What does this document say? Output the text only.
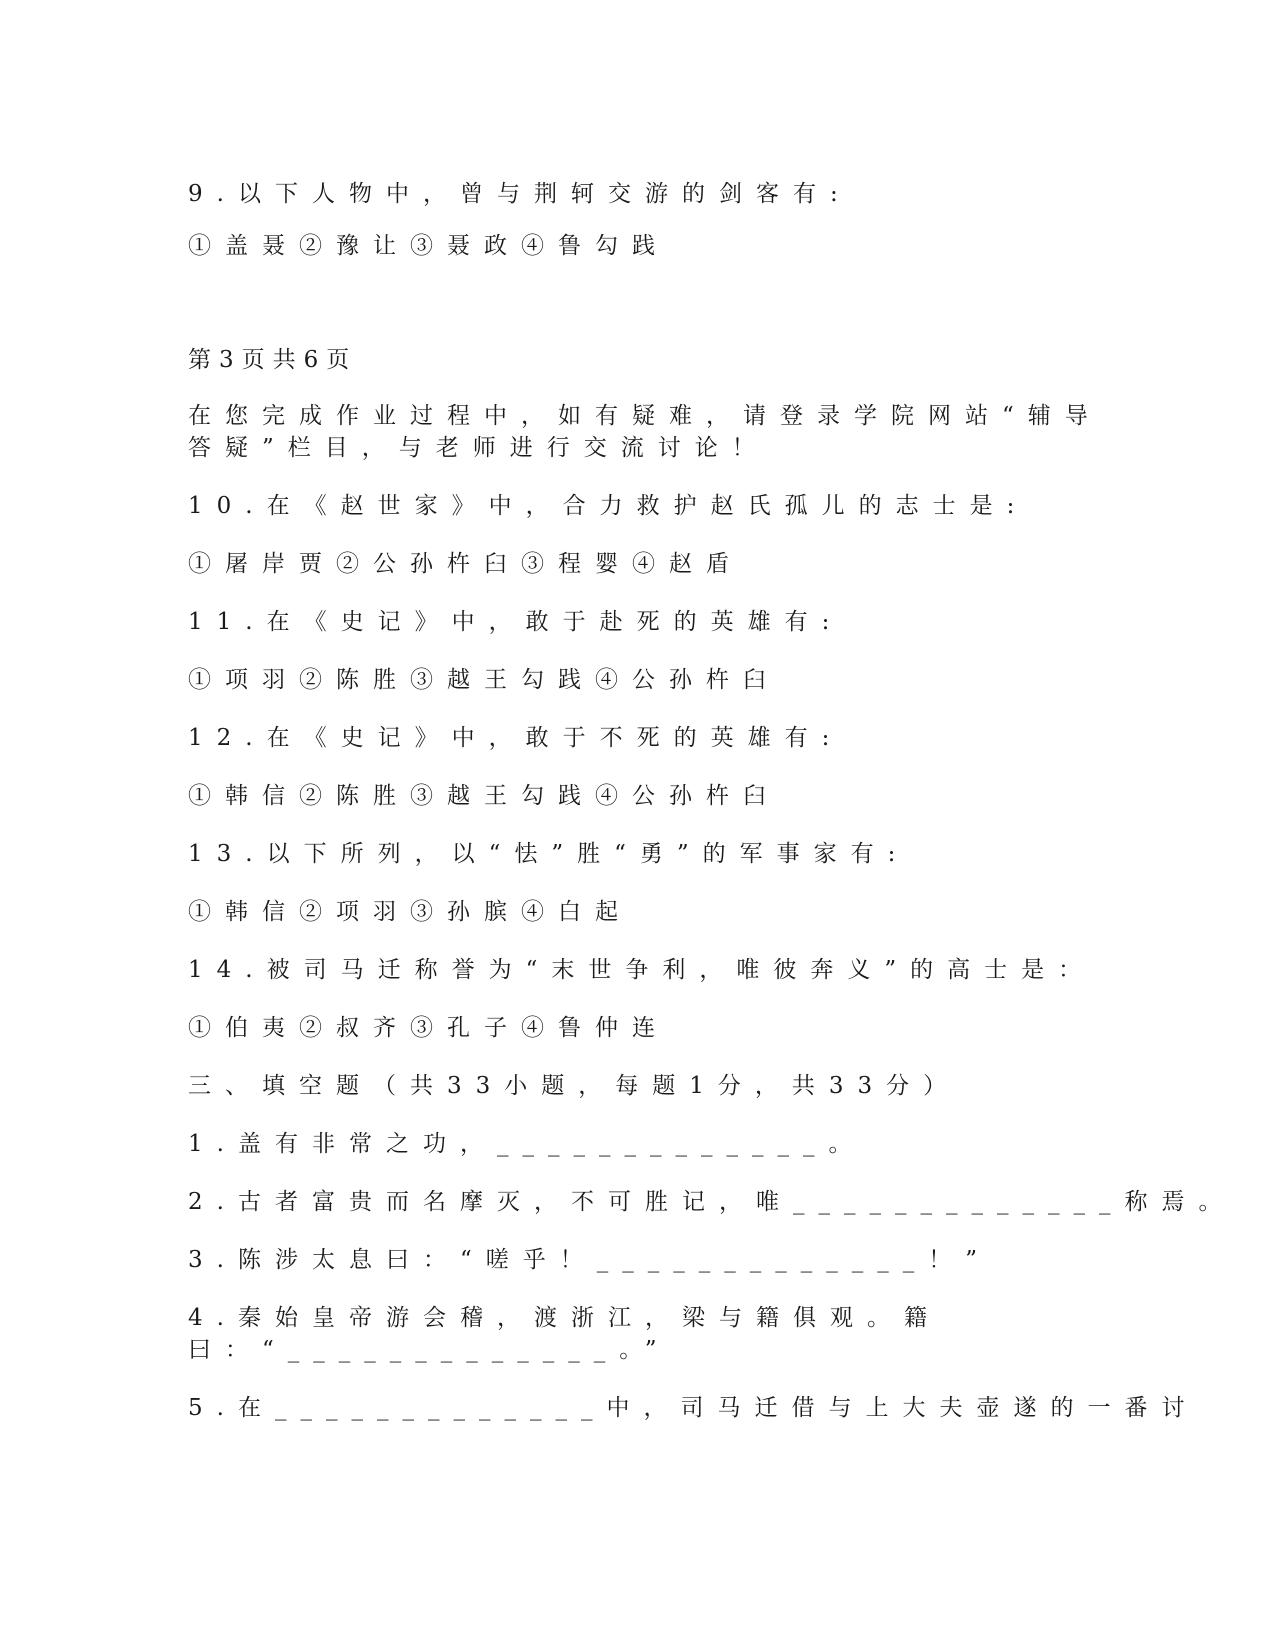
9.以下人物中，曾与荆轲交游的剑客有:
①盖聂②豫让③聂政④鲁勾践
第3页共6页
在您完成作业过程中，如有疑难，请登录学院网站“辅导答疑”栏目，与老师进行交流讨论！
10.在《赵世家》中，合力救护赵氏孤儿的志士是:
①屠岸贾②公孙杵臼③程婴④赵盾
11.在《史记》中，敢于赴死的英雄有:
①项羽②陈胜③越王勾践④公孙杵臼
12.在《史记》中，敢于不死的英雄有:
①韩信②陈胜③越王勾践④公孙杵臼
13.以下所列，以“怯”胜“勇”的军事家有:
①韩信②项羽③孙膑④白起
14.被司马迁称誉为“末世争利，唯彼奔义”的高士是：
①伯夷②叔齐③孔子④鲁仲连
三、填空题（共33小题，每题1分，共33分）
1.盖有非常之功，_____________。
2.古者富贵而名摩灭，不可胜记，唯_____________称焉。
3.陈涉太息曰：“嗟乎！_____________！”
4.秦始皇帝游会稽，渡浙江，梁与籍俱观。籍曰：“_____________。”
5.在_____________中，司马迁借与上大夫壶遂的一番讨
